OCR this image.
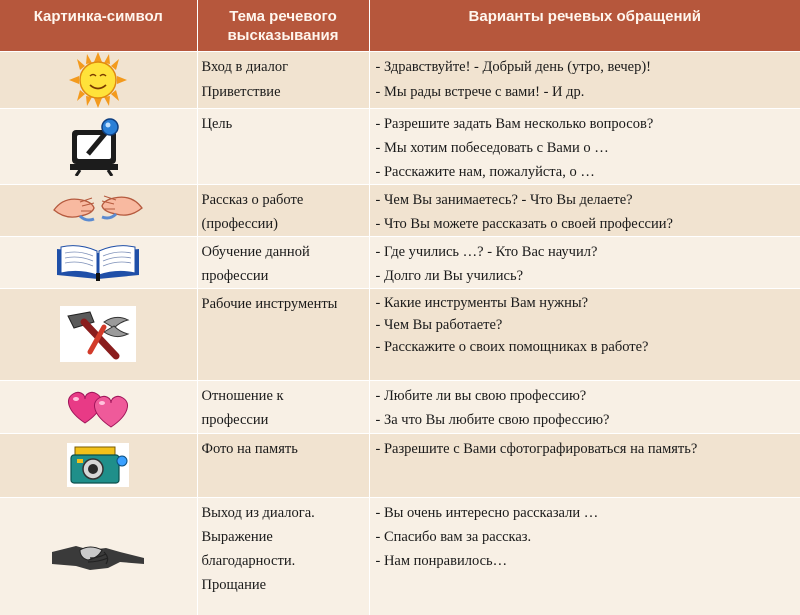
Картинка-символ	Тема речевого высказывания	Варианты речевых обращений

Вход в диалог
Приветствие	- Здравствуйте! - Добрый день (утро, вечер)!
- Мы рады встрече с вами! - И др.

Цель	- Разрешите задать Вам несколько вопросов?
- Мы хотим побеседовать с Вами о …
- Расскажите нам, пожалуйста, о …

Рассказ о работе
(профессии)	- Чем Вы занимаетесь? - Что Вы делаете?
- Что Вы можете рассказать о своей профессии?

Обучение данной
профессии	- Где учились …? - Кто Вас научил?
- Долго ли Вы учились?

Рабочие инструменты	- Какие инструменты Вам нужны?
- Чем Вы работаете?
- Расскажите о своих помощниках в работе?

Отношение к
профессии	- Любите ли вы свою профессию?
- За что Вы любите свою профессию?

Фото на память	- Разрешите с Вами сфотографироваться на память?

Выход из диалога.
Выражение
благодарности.
Прощание	- Вы очень интересно рассказали …
- Спасибо вам за рассказ.
- Нам понравилось…
